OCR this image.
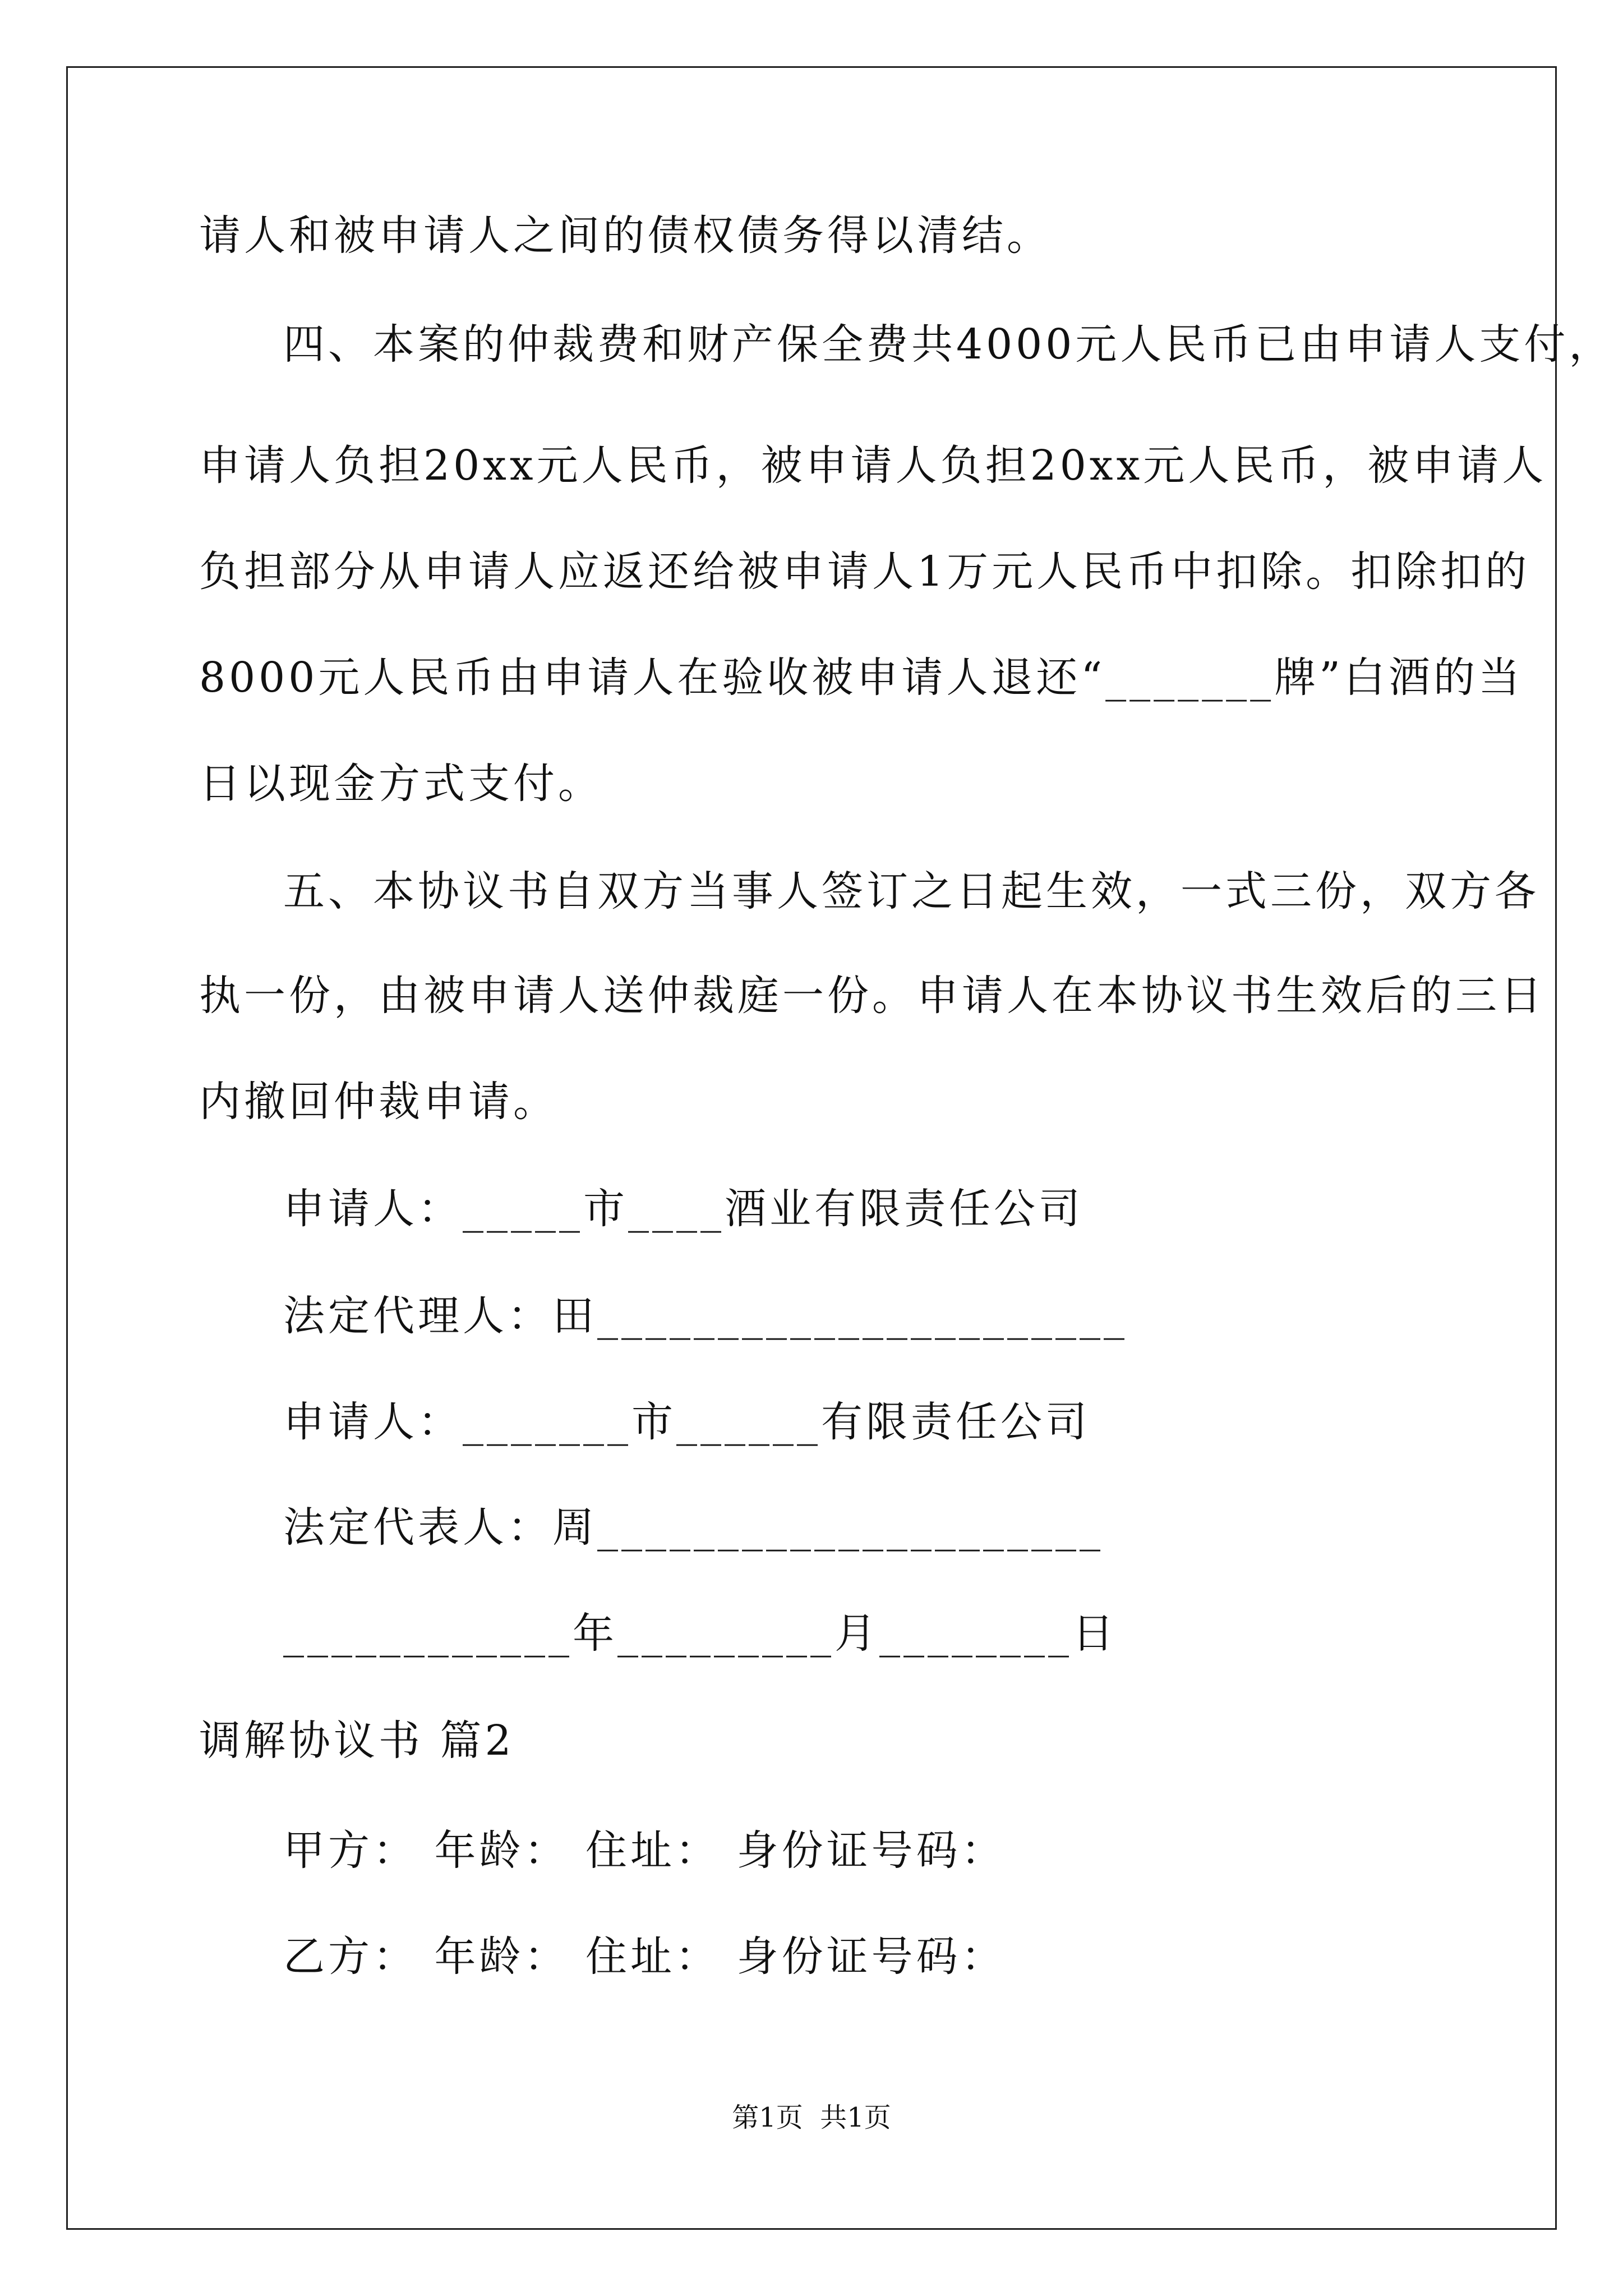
请人和被申请人之间的债权债务得以清结。
四、本案的仲裁费和财产保全费共4000元人民币已由申请人支付，
申请人负担20xx元人民币，被申请人负担20xx元人民币，被申请人
负担部分从申请人应返还给被申请人1万元人民币中扣除。扣除扣的
8000元人民币由申请人在验收被申请人退还“_______牌”白酒的当
日以现金方式支付。
五、本协议书自双方当事人签订之日起生效，一式三份，双方各
执一份，由被申请人送仲裁庭一份。申请人在本协议书生效后的三日
内撤回仲裁申请。
申请人：_____市____酒业有限责任公司
法定代理人：田______________________
申请人：_______市______有限责任公司
法定代表人：周_____________________
____________年_________月________日
调解协议书 篇2
甲方： 年龄： 住址： 身份证号码：
乙方： 年龄： 住址： 身份证号码：
第1页  共1页
